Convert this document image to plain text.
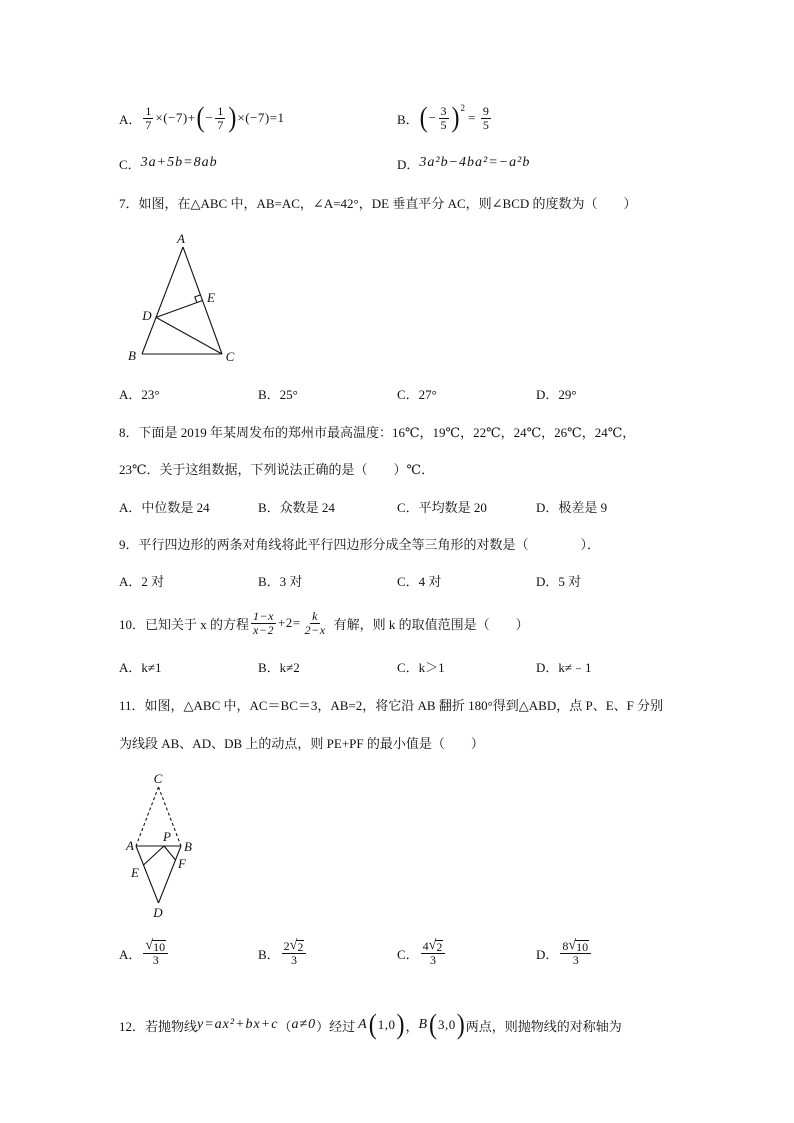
A． $\frac{1}{7} \times(-7)+$ ( − $\frac{1}{7}$ ) ×(−7)=1	B． ( − $\frac{3}{5}$ ) 2
= $\frac{9}{5}$
C． 3a+5b=8ab	D． 3a²b−4ba²=−a²b
7．如图，在△ABC 中，AB=AC，∠A=42°，DE 垂直平分 AC，则∠BCD 的度数为（　　）
A
E
D
B	C
A．23°	B．25°	C．27°	D．29°
8．下面是 2019 年某周发布的郑州市最高温度：16℃，19℃，22℃，24℃，26℃，24℃，
23℃．关于这组数据，下列说法正确的是（　　）℃．
A．中位数是 24	B．众数是 24	C．平均数是 20	D．极差是 9
9．平行四边形的两条对角线将此平行四边形分成全等三角形的对数是（　　　　）．
A．2 对	B．3 对	C．4 对	D．5 对
10．已知关于 x 的方程 $\frac{1-x}{x-2} +2= \frac{k}{2-x}$ 有解，则 k 的取值范围是（　　）
A．k≠1	B．k≠2	C．k＞1	D．k≠﹣1
11．如图，△ABC 中，AC＝BC＝3，AB=2，将它沿 AB 翻折 180°得到△ABD，点 P、E、F 分别
为线段 AB、AD、DB 上的动点，则 PE+PF 的最小值是（　　）
C
A
P
B
E
F
D
A． $\frac{√ 10}{3}$	B． $\frac{2 √ 2}{3}$	C． $\frac{4 √ 2}{3}$	D． $\frac{8 √ 10}{3}$
12．若抛物线 y=ax²+bx+c （ a≠0 ） 经过 A ( 1,0 ) ， B ( 3,0 ) 两点，则抛物线的对称轴为
